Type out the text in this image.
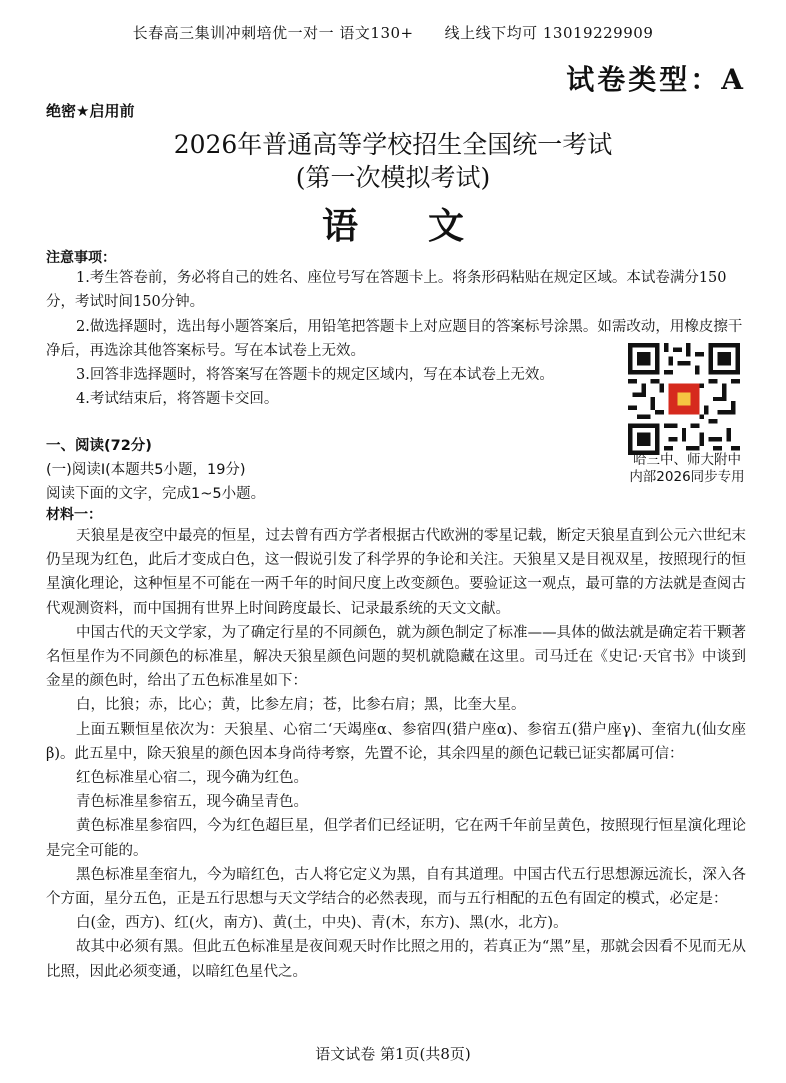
长春高三集训冲刺培优一对一 语文130+　　线上线下均可 13019229909
试卷类型：A
绝密★启用前
2026年普通高等学校招生全国统一考试
(第一次模拟考试)
语文
注意事项：
1.考生答卷前，务必将自己的姓名、座位号写在答题卡上。将条形码粘贴在规定区域。本试卷满分150分，考试时间150分钟。
2.做选择题时，选出每小题答案后，用铅笔把答题卡上对应题目的答案标号涂黑。如需改动，用橡皮擦干净后，再选涂其他答案标号。写在本试卷上无效。
3.回答非选择题时，将答案写在答题卡的规定区域内，写在本试卷上无效。
4.考试结束后，将答题卡交回。
哈三中、师大附中
内部2026同步专用
一、阅读(72分)
(一)阅读Ⅰ(本题共5小题，19分)
阅读下面的文字，完成1~5小题。
材料一：

天狼星是夜空中最亮的恒星，过去曾有西方学者根据古代欧洲的零星记载，断定天狼星直到公元六世纪末仍呈现为红色，此后才变成白色，这一假说引发了科学界的争论和关注。天狼星又是目视双星，按照现行的恒星演化理论，这种恒星不可能在一两千年的时间尺度上改变颜色。要验证这一观点，最可靠的方法就是查阅古代观测资料，而中国拥有世界上时间跨度最长、记录最系统的天文文献。

中国古代的天文学家，为了确定行星的不同颜色，就为颜色制定了标准——具体的做法就是确定若干颗著名恒星作为不同颜色的标准星，解决天狼星颜色问题的契机就隐藏在这里。司马迁在《史记·天官书》中谈到金星的颜色时，给出了五色标准星如下：

白，比狼；赤，比心；黄，比参左肩；苍，比参右肩；黑，比奎大星。

上面五颗恒星依次为：天狼星、心宿二‘天竭座α、参宿四(猎户座α)、参宿五(猎户座γ)、奎宿九(仙女座β)。此五星中，除天狼星的颜色因本身尚待考察，先置不论，其余四星的颜色记载已证实都属可信：

红色标准星心宿二，现今确为红色。

青色标准星参宿五，现今确呈青色。

黄色标准星参宿四，今为红色超巨星，但学者们已经证明，它在两千年前呈黄色，按照现行恒星演化理论是完全可能的。

黑色标准星奎宿九，今为暗红色，古人将它定义为黑，自有其道理。中国古代五行思想源远流长，深入各个方面，星分五色，正是五行思想与天文学结合的必然表现，而与五行相配的五色有固定的模式，必定是：

白(金，西方)、红(火，南方)、黄(土，中央)、青(木，东方)、黑(水，北方)。

故其中必须有黑。但此五色标准星是夜间观天时作比照之用的，若真正为“黑”星，那就会因看不见而无从比照，因此必须变通，以暗红色星代之。

语文试卷 第1页(共8页)
